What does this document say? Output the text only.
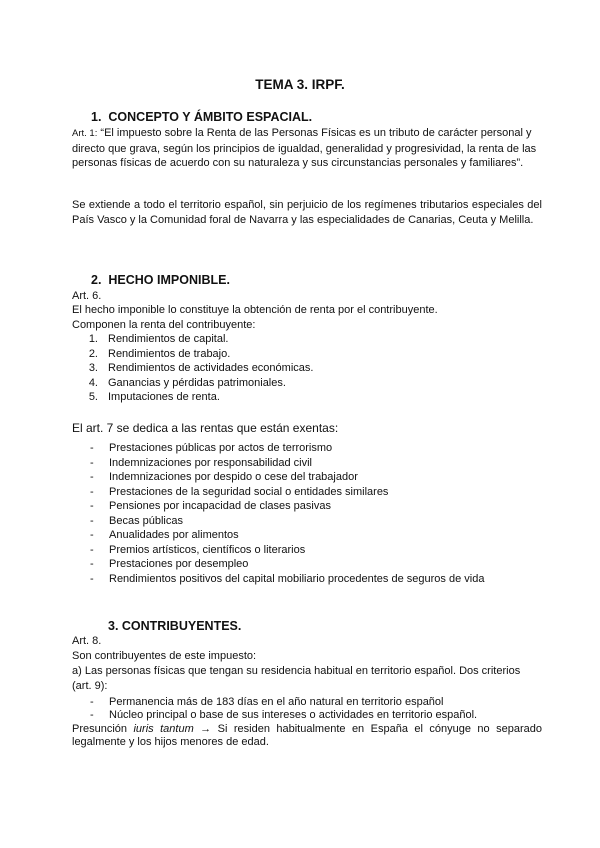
TEMA 3. IRPF.
1. CONCEPTO Y ÁMBITO ESPACIAL.

Art. 1: “El impuesto sobre la Renta de las Personas Físicas es un tributo de carácter personal y directo que grava, según los principios de igualdad, generalidad y progresividad, la renta de las personas físicas de acuerdo con su naturaleza y sus circunstancias personales y familiares”.

Se extiende a todo el territorio español, sin perjuicio de los regímenes tributarios especiales del País Vasco y la Comunidad foral de Navarra y las especialidades de Canarias, Ceuta y Melilla.

2. HECHO IMPONIBLE.

Art. 6.

El hecho imponible lo constituye la obtención de renta por el contribuyente.

Componen la renta del contribuyente:

1. Rendimientos de capital.
2. Rendimientos de trabajo.
3. Rendimientos de actividades económicas.
4. Ganancias y pérdidas patrimoniales.
5. Imputaciones de renta.

El art. 7 se dedica a las rentas que están exentas:

-	Prestaciones públicas por actos de terrorismo
-	Indemnizaciones por responsabilidad civil
-	Indemnizaciones por despido o cese del trabajador
-	Prestaciones de la seguridad social o entidades similares
-	Pensiones por incapacidad de clases pasivas
-	Becas públicas
-	Anualidades por alimentos
-	Premios artísticos, científicos o literarios
-	Prestaciones por desempleo
-	Rendimientos positivos del capital mobiliario procedentes de seguros de vida
3. CONTRIBUYENTES.

Art. 8.

Son contribuyentes de este impuesto:

a) Las personas físicas que tengan su residencia habitual en territorio español. Dos criterios (art. 9):

-	Permanencia más de 183 días en el año natural en territorio español
-	Núcleo principal o base de sus intereses o actividades en territorio español.

Presunción iuris tantum → Si residen habitualmente en España el cónyuge no separado legalmente y los hijos menores de edad.
